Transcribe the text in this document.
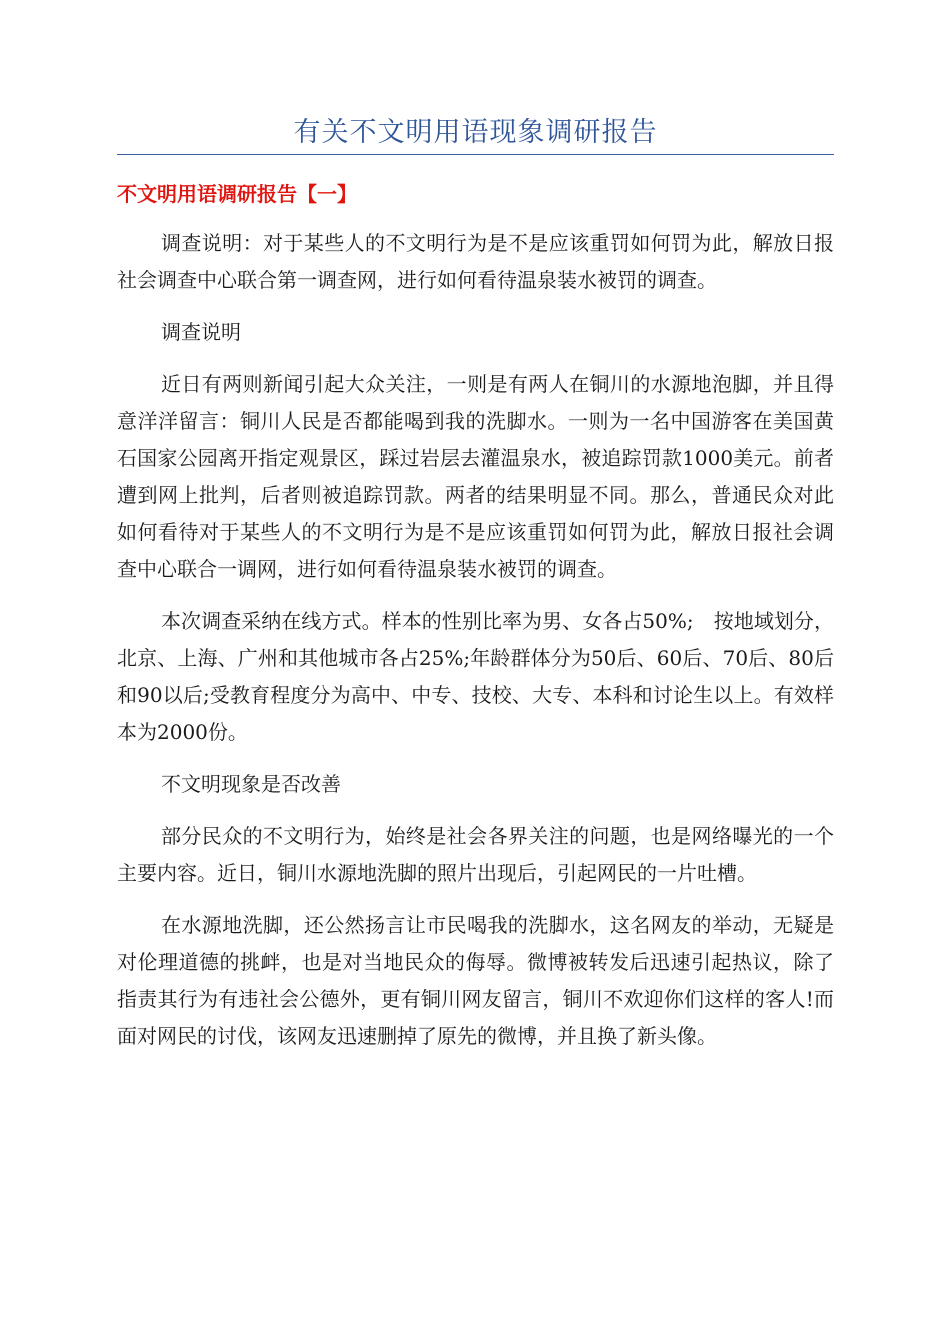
有关不文明用语现象调研报告
不文明用语调研报告【一】

调查说明：对于某些人的不文明行为是不是应该重罚如何罚为此，解放日报社会调查中心联合第一调查网，进行如何看待温泉装水被罚的调查。

调查说明

近日有两则新闻引起大众关注，一则是有两人在铜川的水源地泡脚，并且得意洋洋留言：铜川人民是否都能喝到我的洗脚水。一则为一名中国游客在美国黄石国家公园离开指定观景区，踩过岩层去灌温泉水，被追踪罚款1000美元。前者遭到网上批判，后者则被追踪罚款。两者的结果明显不同。那么，普通民众对此如何看待对于某些人的不文明行为是不是应该重罚如何罚为此，解放日报社会调查中心联合一调网，进行如何看待温泉装水被罚的调查。

本次调查采纳在线方式。样本的性别比率为男、女各占50%;　按地域划分，北京、上海、广州和其他城市各占25%;年龄群体分为50后、60后、70后、80后和90以后;受教育程度分为高中、中专、技校、大专、本科和讨论生以上。有效样本为2000份。

不文明现象是否改善

部分民众的不文明行为，始终是社会各界关注的问题，也是网络曝光的一个主要内容。近日，铜川水源地洗脚的照片出现后，引起网民的一片吐槽。

在水源地洗脚，还公然扬言让市民喝我的洗脚水，这名网友的举动，无疑是对伦理道德的挑衅，也是对当地民众的侮辱。微博被转发后迅速引起热议，除了指责其行为有违社会公德外，更有铜川网友留言，铜川不欢迎你们这样的客人!而面对网民的讨伐，该网友迅速删掉了原先的微博，并且换了新头像。
